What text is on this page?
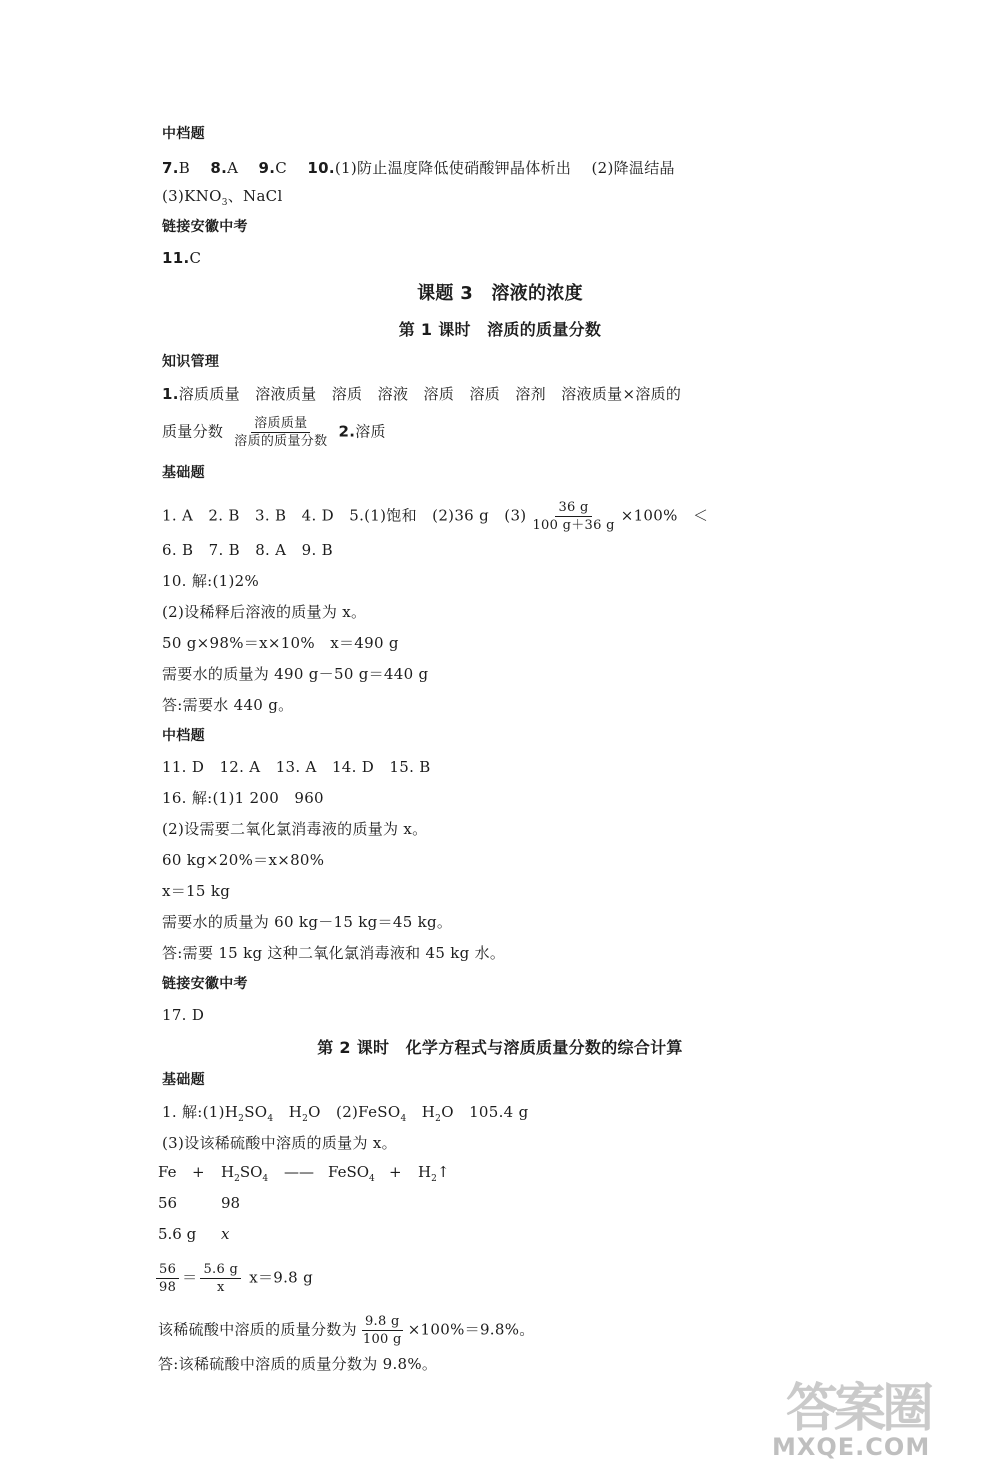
中档题
7.B 8.A 9.C 10.(1)防止温度降低使硝酸钾晶体析出 (2)降温结晶
$(3)KNO_3$、NaCl
链接安徽中考
11.C
课题 3　溶液的浓度
第 1 课时　溶质的质量分数
知识管理
1.溶质质量　溶液质量　溶质　溶液　溶质　溶质　溶剂　溶液质量×溶质的
质量分数 $\frac{\text{溶质质量}}{\text{溶质的质量分数}} 2$.溶质
基础题
1. A　2. B　3. B　4. D　5.(1)饱和　(2)36 g　$(3) \frac{36 g}{100 g+36 g} \times 100\%$　＜
6. B　7. B　8. A　9. B
10. 解:(1)2%
(2)设稀释后溶液的质量为 x。
50 g×98%＝x×10%　x＝490 g
需要水的质量为 490 g－50 g＝440 g
答:需要水 440 g。
中档题
11. D　12. A　13. A　14. D　15. B
16. 解:(1)1 200　960
(2)设需要二氧化氯消毒液的质量为 x。
60 kg×20%＝x×80%
x＝15 kg
需要水的质量为 60 kg－15 kg＝45 kg。
答:需要 15 kg 这种二氧化氯消毒液和 45 kg 水。
链接安徽中考
17. D
第 2 课时　化学方程式与溶质质量分数的综合计算
基础题
1. 解$:(1)H_2SO_4$　$H_2O$　(2)FeSO$_4$　$H_2O$　105.4 g
(3)设该稀硫酸中溶质的质量为 x。
$Fe + H_2SO_4$ —— FeSO$_4$ + $H_2↑$
56	98
5.6 g x
$\frac{56}{98} = \frac{5.6 g}{x} x=9.8$ g
该稀硫酸中溶质的质量分数为 $\frac{9.8 g}{100 g} \times 100\%=9.8\%$。
答:该稀硫酸中溶质的质量分数为 9.8%。
答案圈
MXQE.COM
